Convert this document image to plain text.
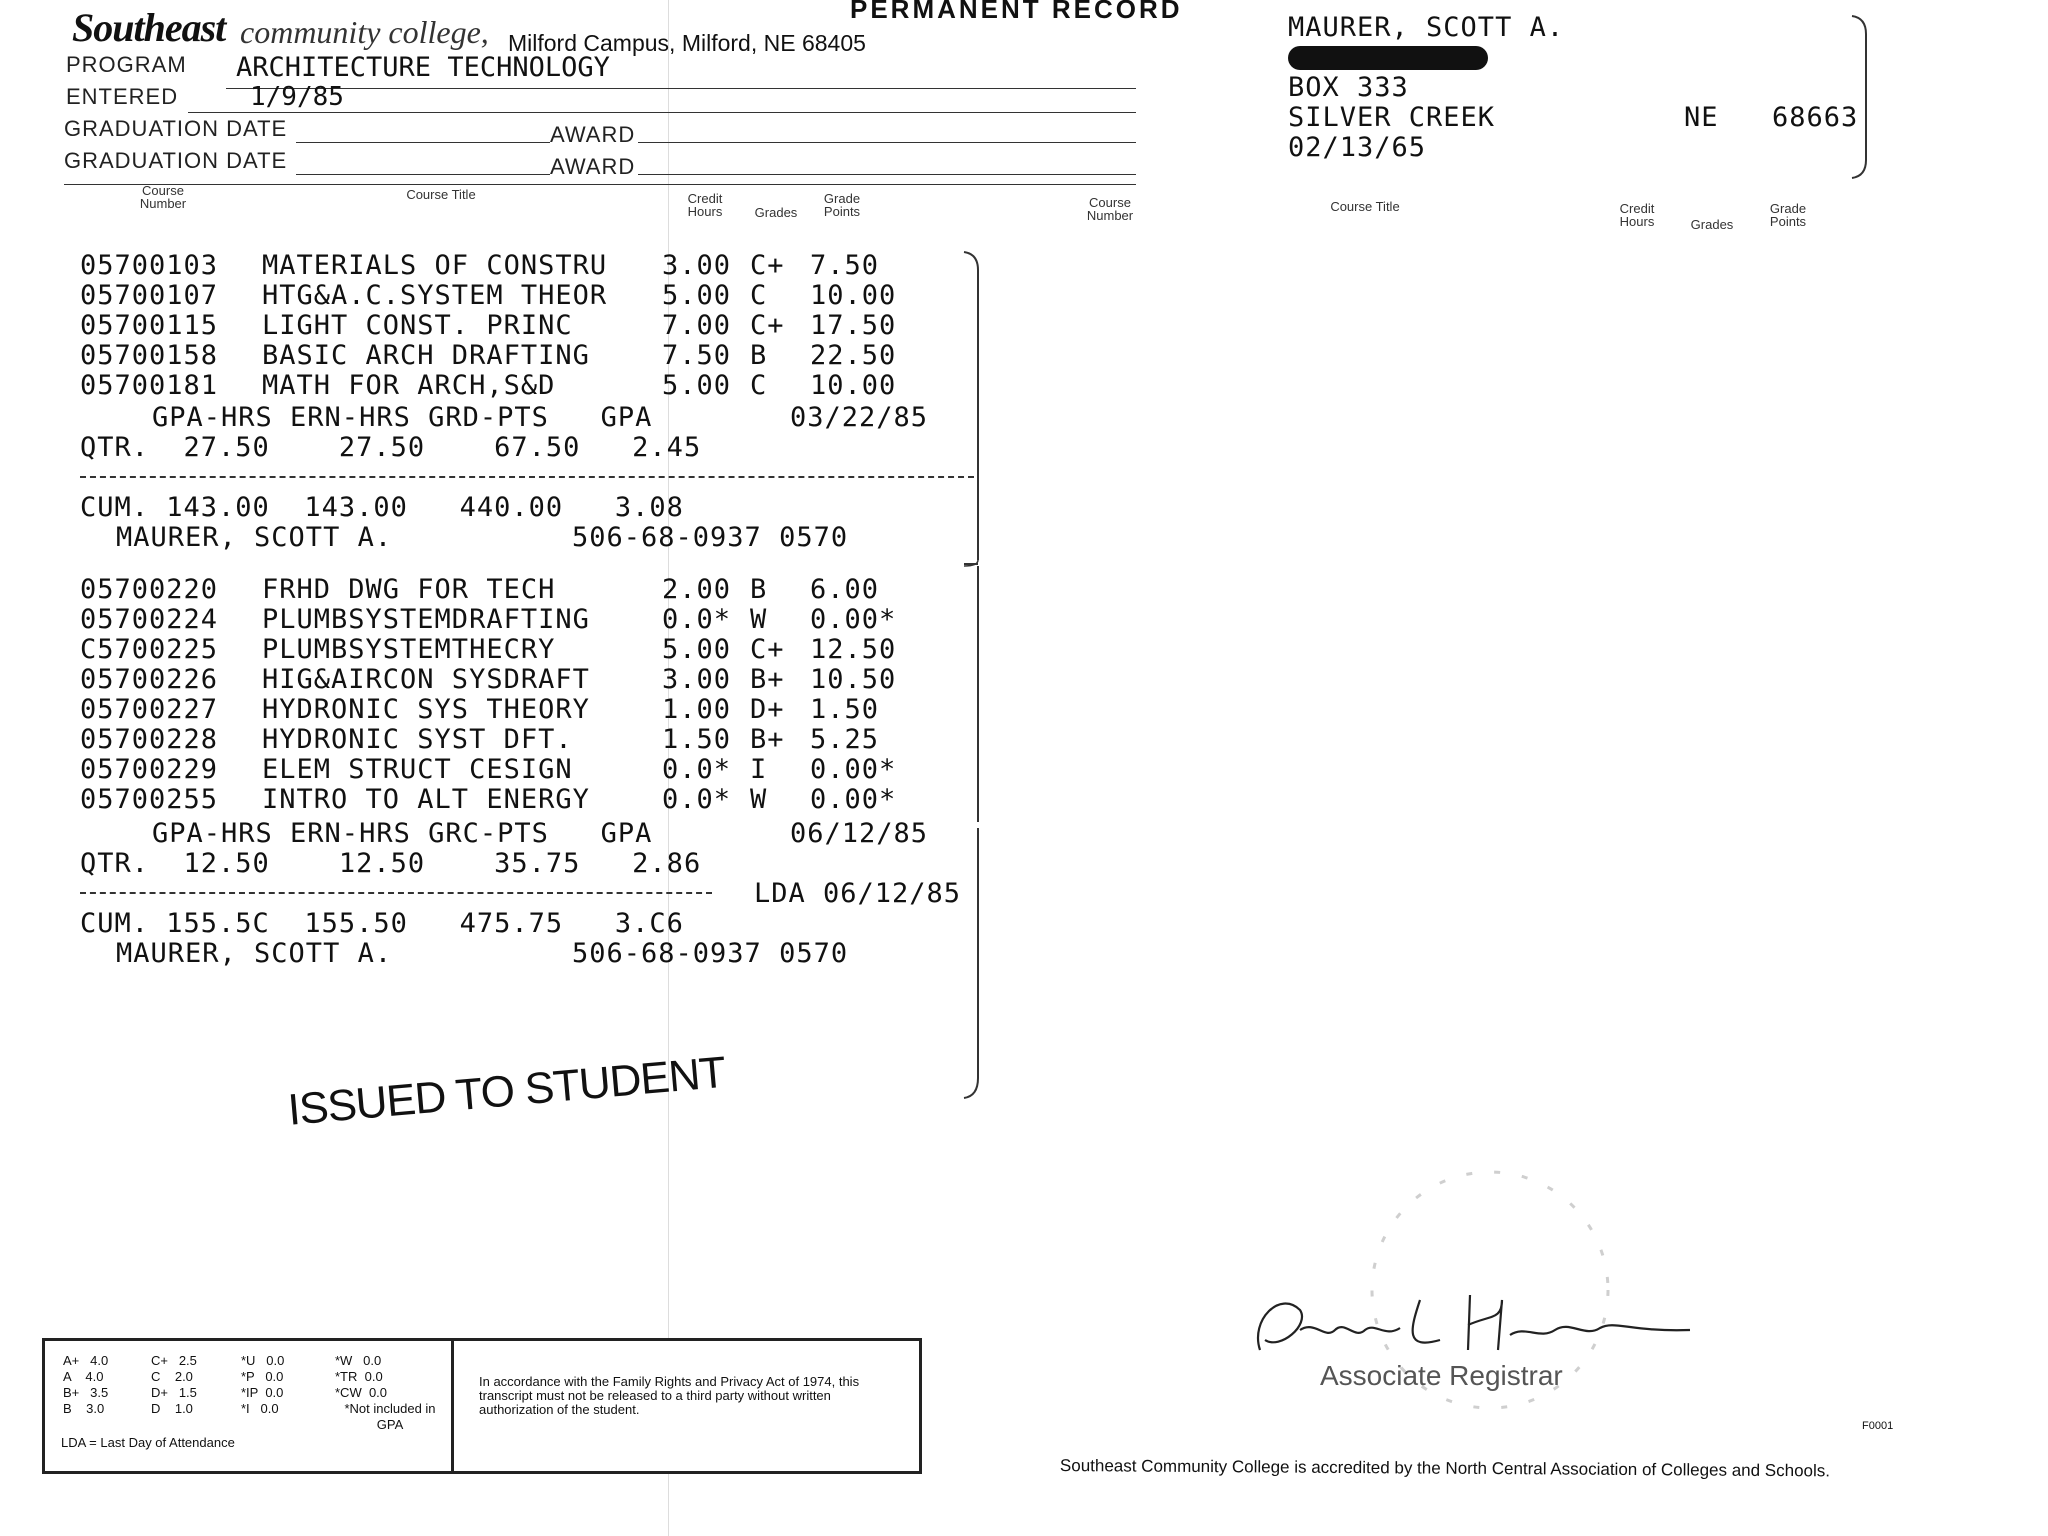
Southeast community college, Milford Campus, Milford, NE 68405
PERMANENT RECORD
PROGRAM ARCHITECTURE TECHNOLOGY
ENTERED	1/9/85
GRADUATION DATE	AWARD
GRADUATION DATE	AWARD
Course Number
Course Title	Credit Hours	Grades
Grade Points
Course Number
Course Title	Credit Hours	Grades
Grade Points
MAURER, SCOTT A.
BOX 333
SILVER CREEK	NE 68663
02/13/65
05700103 MATERIALS OF CONSTRU 3.00 C+ 7.50
05700107 HTG&A.C.SYSTEM THEOR 5.00 C 10.00
05700115 LIGHT CONST. PRINC	7.00 C+ 17.50
05700158 BASIC ARCH DRAFTING	7.50 B 22.50
05700181 MATH FOR ARCH,S&D	5.00 C 10.00
GPA-HRS ERN-HRS GRD-PTS   GPA	03/22/85
QTR.  27.50    27.50    67.50   2.45
CUM. 143.00  143.00   440.00   3.08
MAURER, SCOTT A.	506-68-0937 0570
05700220 FRHD DWG FOR TECH	2.00 B 6.00
05700224 PLUMBSYSTEMDRAFTING	0.0* W 0.00*
C5700225 PLUMBSYSTEMTHECRY	5.00 C+ 12.50
05700226 HIG&AIRCON SYSDRAFT	3.00 B+ 10.50
05700227 HYDRONIC SYS THEORY	1.00 D+ 1.50
05700228 HYDRONIC SYST DFT.	1.50 B+ 5.25
05700229 ELEM STRUCT CESIGN	0.0* I 0.00*
05700255 INTRO TO ALT ENERGY	0.0* W 0.00*
GPA-HRS ERN-HRS GRC-PTS   GPA	06/12/85
QTR.  12.50    12.50    35.75   2.86
LDA 06/12/85
CUM. 155.5C  155.50   475.75   3.C6
MAURER, SCOTT A.	506-68-0937 0570
ISSUED TO STUDENT
Associate Registrar

A+   4.0
A    4.0
B+   3.5
B    3.0

C+   2.5
C    2.0
D+   1.5
D    1.0

*U   0.0
*P   0.0
*IP  0.0
*I   0.0

*W   0.0
*TR  0.0
*CW  0.0

*Not included in GPA

LDA = Last Day of Attendance

In accordance with the Family Rights and Privacy Act of 1974, this transcript must not be released to a third party without written authorization of the student.

F0001
Southeast Community College is accredited by the North Central Association of Colleges and Schools.
